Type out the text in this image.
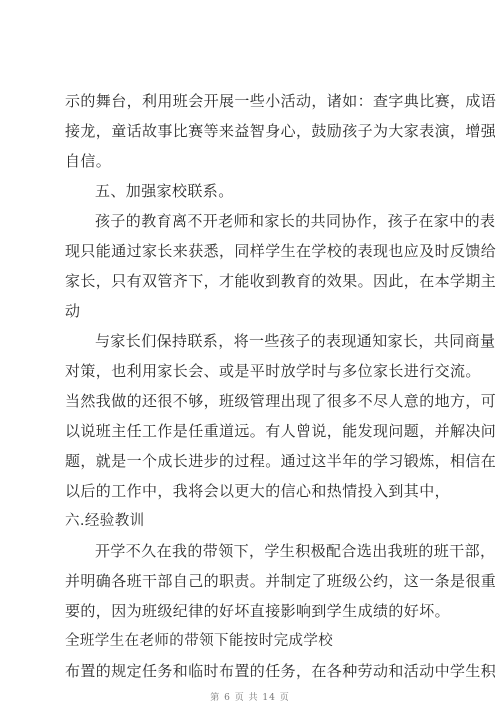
示的舞台，利用班会开展一些小活动，诸如：查字典比赛，成语
接龙，童话故事比赛等来益智身心，鼓励孩子为大家表演，增强
自信。
五、加强家校联系。
孩子的教育离不开老师和家长的共同协作，孩子在家中的表
现只能通过家长来获悉，同样学生在学校的表现也应及时反馈给
家长，只有双管齐下，才能收到教育的效果。因此，在本学期主
动
与家长们保持联系，将一些孩子的表现通知家长，共同商量
对策，也利用家长会、或是平时放学时与多位家长进行交流。
当然我做的还很不够，班级管理出现了很多不尽人意的地方，可
以说班主任工作是任重道远。有人曾说，能发现问题，并解决问
题，就是一个成长进步的过程。通过这半年的学习锻炼，相信在
以后的工作中，我将会以更大的信心和热情投入到其中，
六.经验教训
开学不久在我的带领下，学生积极配合选出我班的班干部，
并明确各班干部自己的职责。并制定了班级公约，这一条是很重
要的，因为班级纪律的好坏直接影响到学生成绩的好坏。
全班学生在老师的带领下能按时完成学校
布置的规定任务和临时布置的任务，在各种劳动和活动中学生积
第 6 页 共 14 页
